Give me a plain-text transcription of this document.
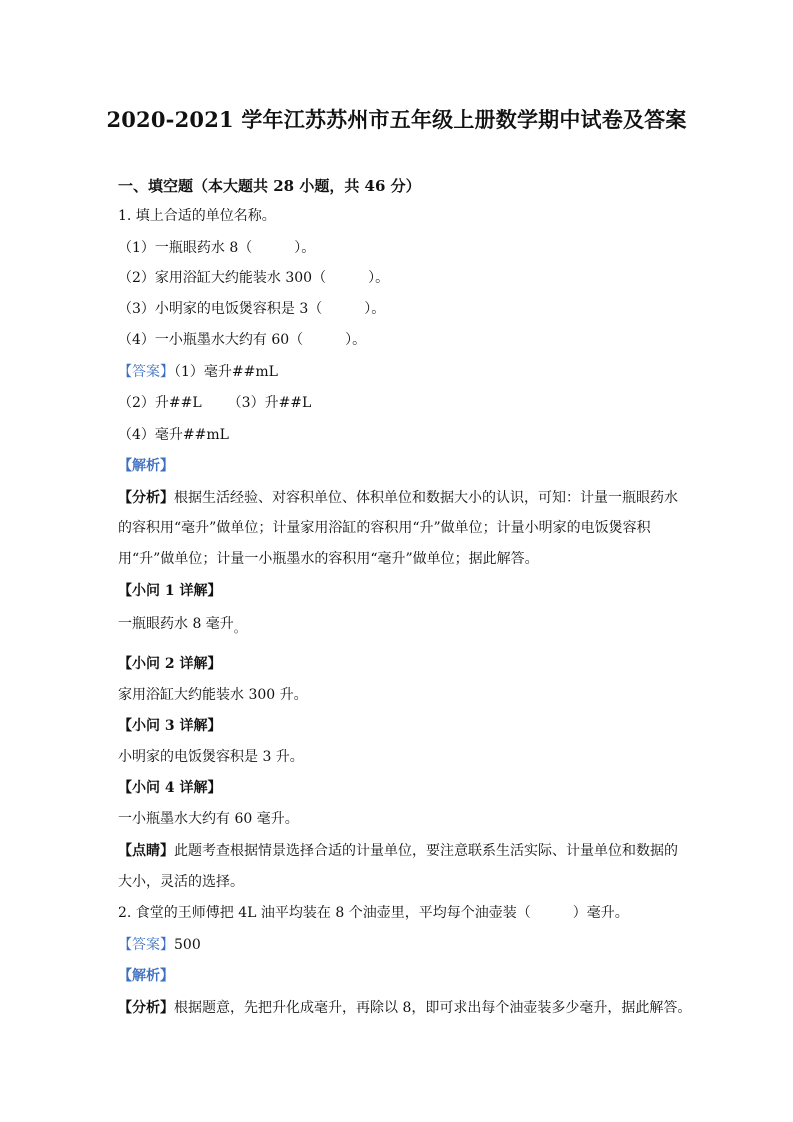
2020-2021 学年江苏苏州市五年级上册数学期中试卷及答案
一、填空题（本大题共 28 小题，共 46 分）
1. 填上合适的单位名称。
（1）一瓶眼药水 8（　　　）。
（2）家用浴缸大约能装水 300（　　　）。
（3）小明家的电饭煲容积是 3（　　　）。
（4）一小瓶墨水大约有 60（　　　）。
【答案】（1）毫升##mL
（2）升##L （3）升##L
（4）毫升##mL
【解析】
【分析】根据生活经验、对容积单位、体积单位和数据大小的认识，可知：计量一瓶眼药水
的容积用“毫升”做单位；计量家用浴缸的容积用“升”做单位；计量小明家的电饭煲容积
用“升”做单位；计量一小瓶墨水的容积用“毫升”做单位；据此解答。
【小问 1 详解】
一瓶眼药水 8 毫升。
【小问 2 详解】
家用浴缸大约能装水 300 升。
【小问 3 详解】
小明家的电饭煲容积是 3 升。
【小问 4 详解】
一小瓶墨水大约有 60 毫升。
【点睛】此题考查根据情景选择合适的计量单位，要注意联系生活实际、计量单位和数据的
大小，灵活的选择。
2. 食堂的王师傅把 4L 油平均装在 8 个油壶里，平均每个油壶装（　　　）毫升。
【答案】500
【解析】
【分析】根据题意，先把升化成毫升，再除以 8，即可求出每个油壶装多少毫升，据此解答。
